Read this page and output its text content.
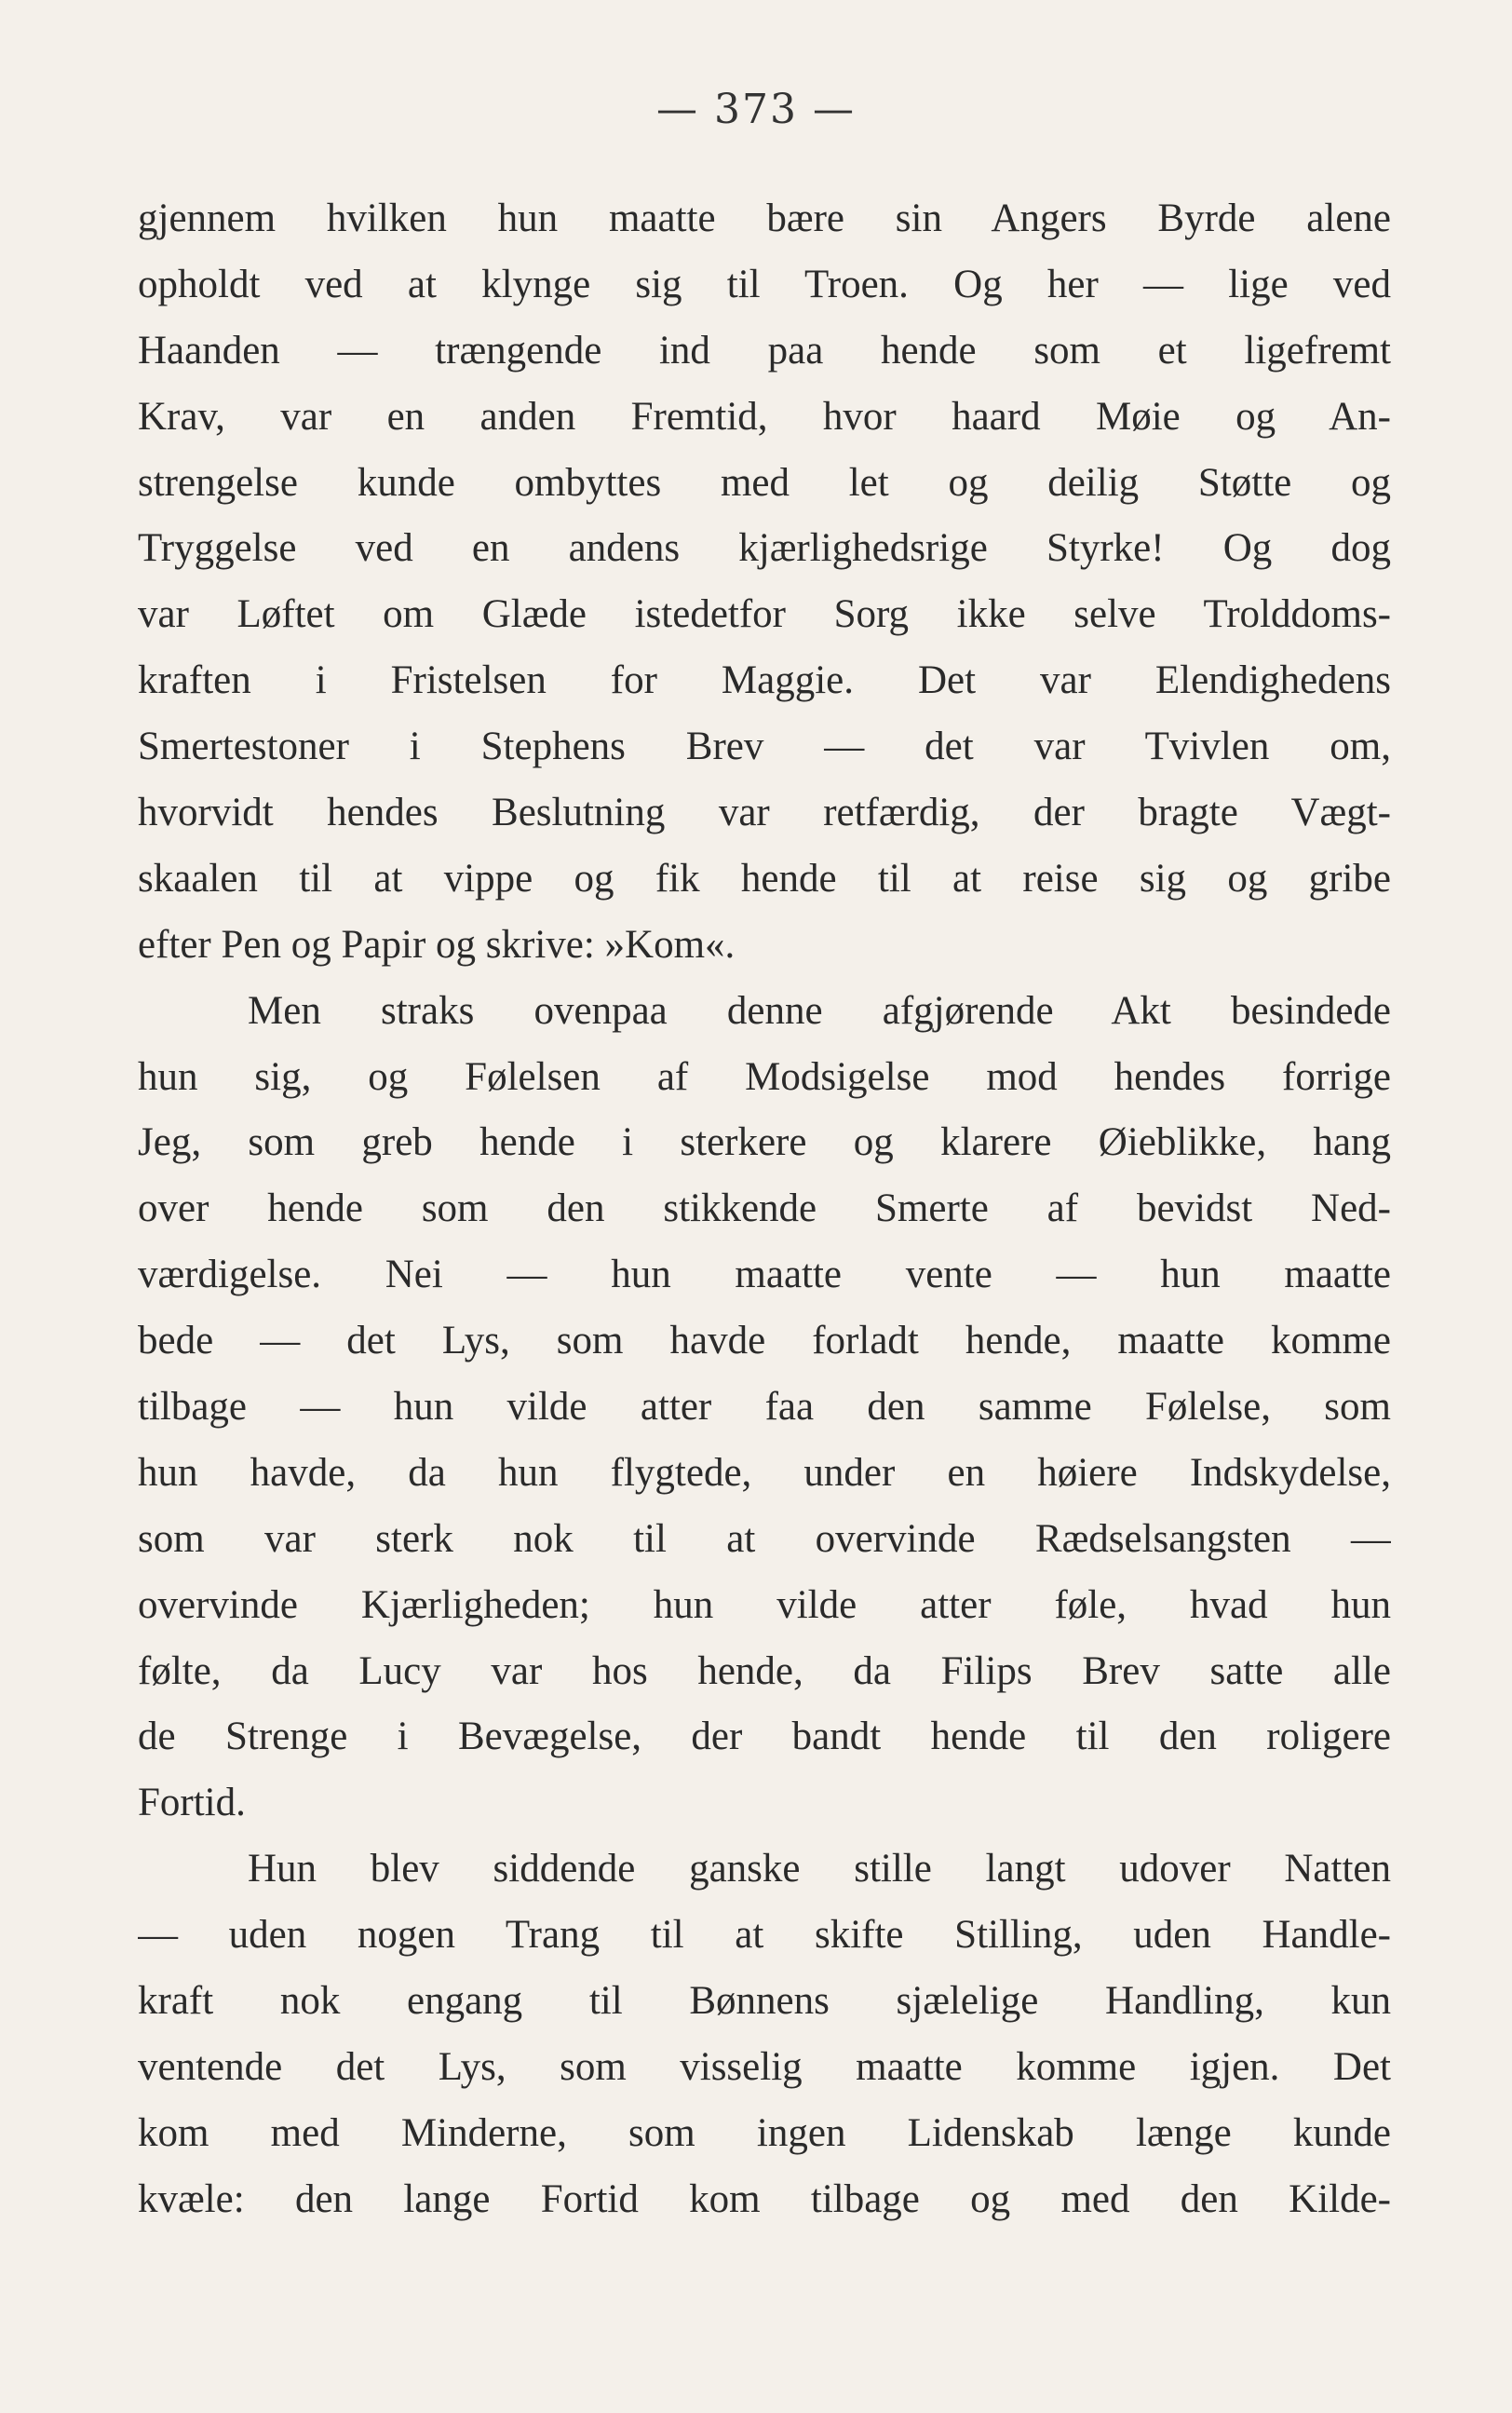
— 373 —
gjennem hvilken hun maatte bære sin Angers Byrde alene
opholdt ved at klynge sig til Troen. Og her — lige ved
Haanden — trængende ind paa hende som et ligefremt
Krav, var en anden Fremtid, hvor haard Møie og An-
strengelse kunde ombyttes med let og deilig Støtte og
Tryggelse ved en andens kjærlighedsrige Styrke! Og dog
var Løftet om Glæde istedetfor Sorg ikke selve Trolddoms-
kraften i Fristelsen for Maggie. Det var Elendighedens
Smertestoner i Stephens Brev — det var Tvivlen om,
hvorvidt hendes Beslutning var retfærdig, der bragte Vægt-
skaalen til at vippe og fik hende til at reise sig og gribe
efter Pen og Papir og skrive: »Kom«.
Men straks ovenpaa denne afgjørende Akt besindede
hun sig, og Følelsen af Modsigelse mod hendes forrige
Jeg, som greb hende i sterkere og klarere Øieblikke, hang
over hende som den stikkende Smerte af bevidst Ned-
værdigelse. Nei — hun maatte vente — hun maatte
bede — det Lys, som havde forladt hende, maatte komme
tilbage — hun vilde atter faa den samme Følelse, som
hun havde, da hun flygtede, under en høiere Indskydelse,
som var sterk nok til at overvinde Rædselsangsten —
overvinde Kjærligheden; hun vilde atter føle, hvad hun
følte, da Lucy var hos hende, da Filips Brev satte alle
de Strenge i Bevægelse, der bandt hende til den roligere
Fortid.
Hun blev siddende ganske stille langt udover Natten
— uden nogen Trang til at skifte Stilling, uden Handle-
kraft nok engang til Bønnens sjælelige Handling, kun
ventende det Lys, som visselig maatte komme igjen. Det
kom med Minderne, som ingen Lidenskab længe kunde
kvæle: den lange Fortid kom tilbage og med den Kilde-
